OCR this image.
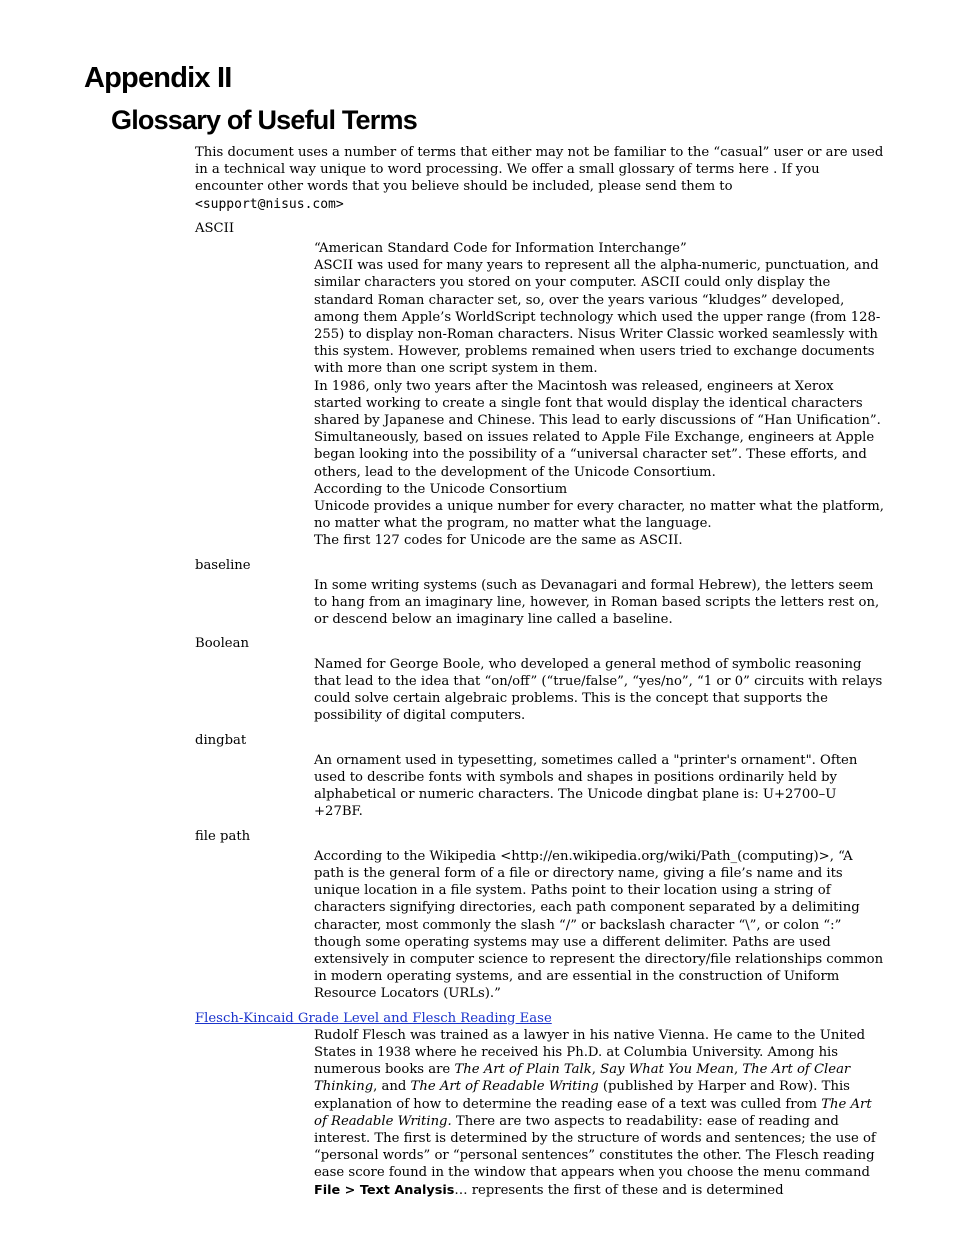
Appendix II
Glossary of Useful Terms

This document uses a number of terms that either may not be familiar to the “casual” user or are used in a technical way unique to word processing. We offer a small glossary of terms here . If you encounter other words that you believe should be included, please send them to <support@nisus.com>

ASCII

“American Standard Code for Information Interchange”

ASCII was used for many years to represent all the alpha-numeric, punctuation, and similar characters you stored on your computer. ASCII could only display the standard Roman character set, so, over the years various “kludges” developed, among them Apple’s WorldScript technology which used the upper range (from 128-255) to display non-Roman characters. Nisus Writer Classic worked seamlessly with this system. However, problems remained when users tried to exchange documents with more than one script system in them.

In 1986, only two years after the Macintosh was released, engineers at Xerox started working to create a single font that would display the identical characters shared by Japanese and Chinese. This lead to early discussions of “Han Unification”. Simultaneously, based on issues related to Apple File Exchange, engineers at Apple began looking into the possibility of a “universal character set”. These efforts, and others, lead to the development of the Unicode Consortium.

According to the Unicode Consortium

Unicode provides a unique number for every character, no matter what the platform, no matter what the program, no matter what the language.

The first 127 codes for Unicode are the same as ASCII.

baseline

In some writing systems (such as Devanagari and formal Hebrew), the letters seem to hang from an imaginary line, however, in Roman based scripts the letters rest on, or descend below an imaginary line called a baseline.

Boolean

Named for George Boole, who developed a general method of symbolic reasoning that lead to the idea that “on/off” (“true/false”, “yes/no”, “1 or 0” circuits with relays could solve certain algebraic problems. This is the concept that supports the possibility of digital computers.

dingbat

An ornament used in typesetting, sometimes called a "printer's ornament". Often used to describe fonts with symbols and shapes in positions ordinarily held by alphabetical or numeric characters. The Unicode dingbat plane is: U+2700–U +27BF.

file path

According to the Wikipedia <http://en.wikipedia.org/wiki/Path_(computing)>, “A path is the general form of a file or directory name, giving a file’s name and its unique location in a file system. Paths point to their location using a string of characters signifying directories, each path component separated by a delimiting character, most commonly the slash “/” or backslash character “\”, or colon “:” though some operating systems may use a different delimiter. Paths are used extensively in computer science to represent the directory/file relationships common in modern operating systems, and are essential in the construction of Uniform Resource Locators (URLs).”

Flesch-Kincaid Grade Level and Flesch Reading Ease

Rudolf Flesch was trained as a lawyer in his native Vienna. He came to the United States in 1938 where he received his Ph.D. at Columbia University. Among his numerous books are The Art of Plain Talk, Say What You Mean, The Art of Clear Thinking, and The Art of Readable Writing (published by Harper and Row). This explanation of how to determine the reading ease of a text was culled from The Art of Readable Writing. There are two aspects to readability: ease of reading and interest. The first is determined by the structure of words and sentences; the use of “personal words” or “personal sentences” constitutes the other. The Flesch reading ease score found in the window that appears when you choose the menu command File > Text Analysis… represents the first of these and is determined
